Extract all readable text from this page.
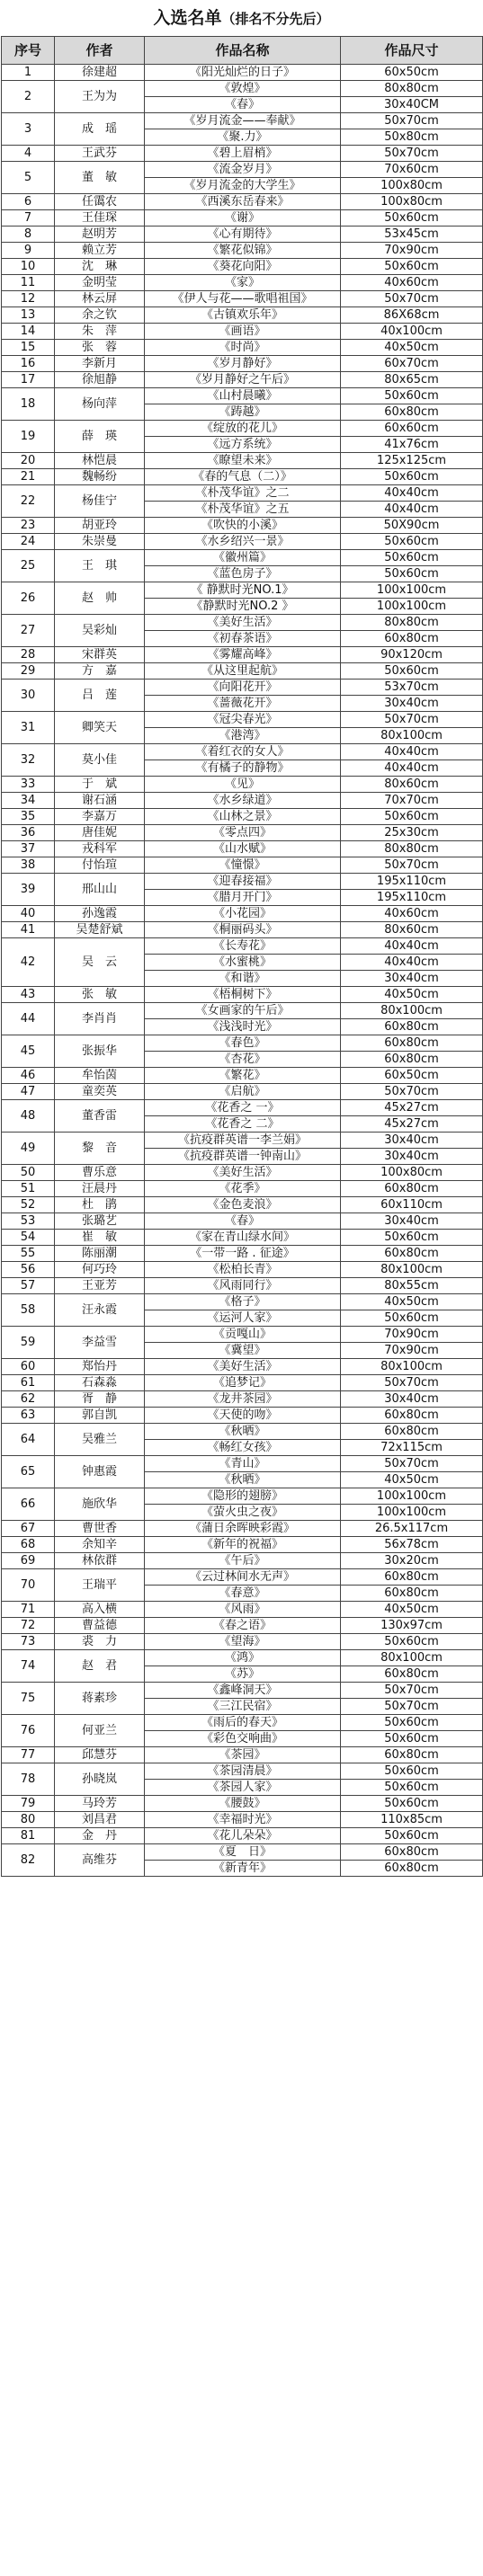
入选名单（排名不分先后）
序号	作者	作品名称	作品尺寸
1	徐建超	《阳光灿烂的日子》	60x50cm
2	王为为	《敦煌》	80x80cm
		《春》	30x40CM
3	成　瑶	《岁月流金——奉献》	50x70cm
		《聚.力》	50x80cm
4	王武芬	《碧上眉梢》	50x70cm
5	董　敏	《流金岁月》	70x60cm
		《岁月流金的大学生》	100x80cm
6	任霭农	《西溪东岳春来》	100x80cm
7	王佳琛	《谢》	50x60cm
8	赵明芳	《心有期待》	53x45cm
9	赖立芳	《繁花似锦》	70x90cm
10	沈　琳	《葵花向阳》	50x60cm
11	金明莹	《家》	40x60cm
12	林云屏	《伊人与花——歌唱祖国》	50x70cm
13	余之钦	《古镇欢乐年》	86X68cm
14	朱　萍	《画语》	40x100cm
15	张　蓉	《时尚》	40x50cm
16	李新月	《岁月静好》	60x70cm
17	徐旭静	《岁月静好之午后》	80x65cm
18	杨向萍	《山村晨曦》	50x60cm
		《踌越》	60x80cm
19	薛　瑛	《绽放的花儿》	60x60cm
		《远方系统》	41x76cm
20	林恺晨	《瞭望未来》	125x125cm
21	魏畅纷	《春的气息（二）》	50x60cm
22	杨佳宁	《朴茂华谊》之二	40x40cm
		《朴茂华谊》之五	40x40cm
23	胡亚玲	《吹快的小溪》	50X90cm
24	朱崇曼	《水乡绍兴一景》	50x60cm
25	王　琪	《徽州篇》	50x60cm
		《蓝色房子》	50x60cm
26	赵　帅	《 静默时光NO.1》	100x100cm
		《静默时光NO.2 》	100x100cm
27	吴彩灿	《美好生活》	80x80cm
		《初春茶语》	60x80cm
28	宋群英	《雾耀高峰》	90x120cm
29	方　嘉	《从这里起航》	50x60cm
30	吕　莲	《向阳花开》	53x70cm
		《蔷薇花开》	30x40cm
31	卿笑天	《冠尖春光》	50x70cm
		《港湾》	80x100cm
32	莫小佳	《着红衣的女人》	40x40cm
		《有橘子的静物》	40x40cm
33	于　斌	《见》	80x60cm
34	谢石涵	《水乡绿道》	70x70cm
35	李嘉万	《山林之景》	50x60cm
36	唐佳妮	《零点四》	25x30cm
37	戎科军	《山水赋》	80x80cm
38	付怡瑄	《憧憬》	50x70cm
39	邢山山	《迎春接福》	195x110cm
		《腊月开门》	195x110cm
40	孙逸霞	《小花园》	40x60cm
41	吴楚舒斌	《桐丽码头》	80x60cm
42	吴　云	《长寿花》	40x40cm
		《水蜜桃》	40x40cm
		《和谐》	30x40cm
43	张　敏	《梧桐树下》	40x50cm
44	李肖肖	《女画家的午后》	80x100cm
		《浅浅时光》	60x80cm
45	张振华	《春色》	60x80cm
		《杏花》	60x80cm
46	牟怡茵	《繁花》	60x50cm
47	童奕英	《启航》	50x70cm
48	董香雷	《花香之 一》	45x27cm
		《花香之 二》	45x27cm
49	黎　音	《抗疫群英谱一李兰娟》	30x40cm
		《抗疫群英谱一钟南山》	30x40cm
50	曹乐意	《美好生活》	100x80cm
51	汪晨丹	《花季》	60x80cm
52	杜　鹃	《金色麦浪》	60x110cm
53	张璐艺	《春》	30x40cm
54	崔　敏	《家在青山绿水间》	50x60cm
55	陈丽潮	《一带一路 . 征途》	60x80cm
56	何巧玲	《松柏长青》	80x100cm
57	王亚芳	《风雨同行》	80x55cm
58	汪永霞	《格子》	40x50cm
		《运河人家》	50x60cm
59	李益雪	《贡嘎山》	70x90cm
		《冀望》	70x90cm
60	郑怡丹	《美好生活》	80x100cm
61	石森淼	《追梦记》	50x70cm
62	胥　静	《龙井茶园》	30x40cm
63	郭自凯	《天使的吻》	60x80cm
64	吴雅兰	《秋晒》	60x80cm
		《畅红女孩》	72x115cm
65	钟惠霞	《青山》	50x70cm
		《秋晒》	40x50cm
66	施欣华	《隐形的翅膀》	100x100cm
		《萤火虫之夜》	100x100cm
67	曹世香	《蒲日余晖映彩霞》	26.5x117cm
68	余知辛	《新年的祝福》	56x78cm
69	林依群	《午后》	30x20cm
70	王瑞平	《云过林间水无声》	60x80cm
		《春意》	60x80cm
71	高入横	《风雨》	40x50cm
72	曹益德	《春之语》	130x97cm
73	裘　力	《望海》	50x60cm
74	赵　君	《鸿》	80x100cm
		《苏》	60x80cm
75	蒋素珍	《鑫峰洞天》	50x70cm
		《三江民宿》	50x70cm
76	何亚兰	《雨后的春天》	50x60cm
		《彩色交响曲》	50x60cm
77	邱慧芬	《茶园》	60x80cm
78	孙晓岚	《茶园清晨》	50x60cm
		《茶园人家》	50x60cm
79	马玲芳	《腰鼓》	50x60cm
80	刘昌君	《幸福时光》	110x85cm
81	金　丹	《花儿朵朵》	50x60cm
82	高维芬	《夏　日》	60x80cm
		《新青年》	60x80cm
